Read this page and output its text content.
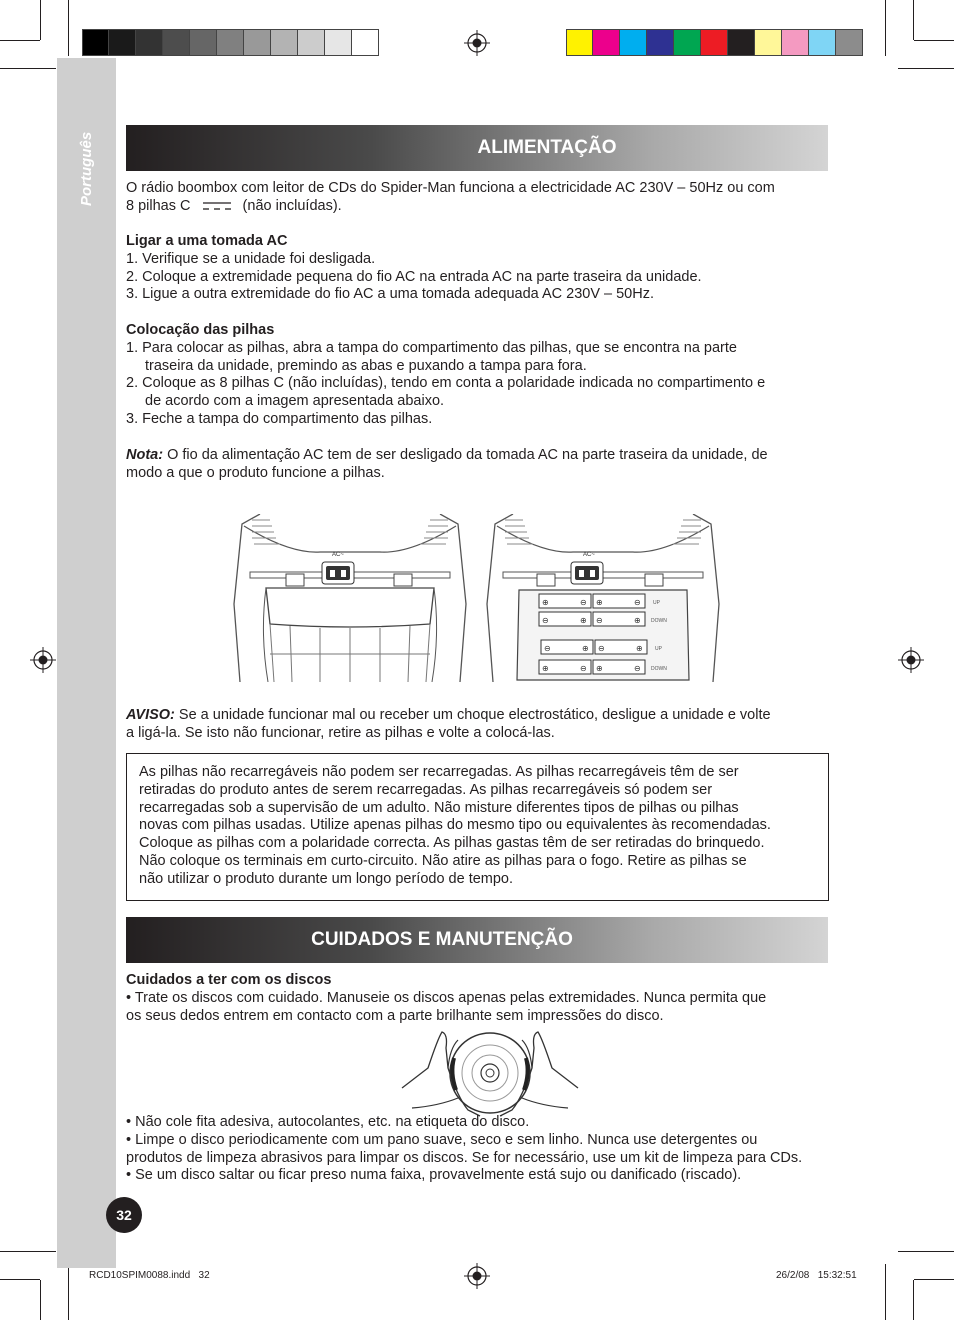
Português	ALIMENTAÇÃO

O rádio boombox com leitor de CDs do Spider-Man funciona a electricidade AC 230V – 50Hz ou com

8 pilhas C	(não incluídas).

Ligar a uma tomada AC

1. Verifique se a unidade foi desligada.

2. Coloque a extremidade pequena do fio AC na entrada AC na parte traseira da unidade.

3. Ligue a outra extremidade do fio AC a uma tomada adequada AC 230V – 50Hz.

Colocação das pilhas

1. Para colocar as pilhas, abra a tampa do compartimento das pilhas, que se encontra na parte

traseira da unidade, premindo as abas e puxando a tampa para fora.

2. Coloque as 8 pilhas C (não incluídas), tendo em conta a polaridade indicada no compartimento e

de acordo com a imagem apresentada abaixo.

3. Feche a tampa do compartimento das pilhas.

Nota: O fio da alimentação AC tem de ser desligado da tomada AC na parte traseira da unidade, de

modo a que o produto funcione a pilhas.

AC~	AC~
⊕	⊖ ⊕	⊖
⊖	⊕ ⊖	⊕
⊖	⊕ ⊖	⊕
⊕	⊖ ⊕	⊖
UP
DOWN
UP
DOWN

AVISO: Se a unidade funcionar mal ou receber um choque electrostático, desligue a unidade e volte

a ligá-la. Se isto não funcionar, retire as pilhas e volte a colocá-las.

As pilhas não recarregáveis não podem ser recarregadas. As pilhas recarregáveis têm de ser

retiradas do produto antes de serem recarregadas. As pilhas recarregáveis só podem ser

recarregadas sob a supervisão de um adulto. Não misture diferentes tipos de pilhas ou pilhas

novas com pilhas usadas. Utilize apenas pilhas do mesmo tipo ou equivalentes às recomendadas.

Coloque as pilhas com a polaridade correcta. As pilhas gastas têm de ser retiradas do brinquedo.

Não coloque os terminais em curto-circuito. Não atire as pilhas para o fogo. Retire as pilhas se

não utilizar o produto durante um longo período de tempo.

CUIDADOS E MANUTENÇÃO

Cuidados a ter com os discos

• Trate os discos com cuidado. Manuseie os discos apenas pelas extremidades. Nunca permita que

os seus dedos entrem em contacto com a parte brilhante sem impressões do disco.

• Não cole fita adesiva, autocolantes, etc. na etiqueta do disco.

• Limpe o disco periodicamente com um pano suave, seco e sem linho. Nunca use detergentes ou

produtos de limpeza abrasivos para limpar os discos. Se for necessário, use um kit de limpeza para CDs.

• Se um disco saltar ou ficar preso numa faixa, provavelmente está sujo ou danificado (riscado).

32
RCD10SPIM0088.indd   32	26/2/08   15:32:51
